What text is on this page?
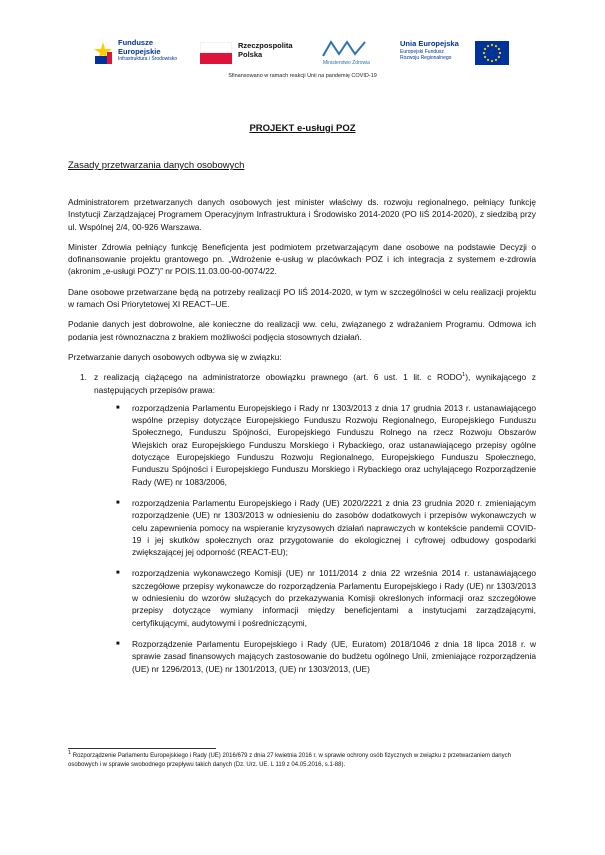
Fundusze
Europejskie
Infrastruktura i Środowisko
Rzeczpospolita
Polska
Ministerstwo Zdrowia
Unia Europejska
Europejski Fundusz
Rozwoju Regionalnego
Sfinansowano w ramach reakcji Unii na pandemię COVID-19
PROJEKT e-usługi POZ
Zasady przetwarzania danych osobowych

Administratorem przetwarzanych danych osobowych jest minister właściwy ds. rozwoju regionalnego, pełniący funkcję Instytucji Zarządzającej Programem Operacyjnym Infrastruktura i Środowisko 2014-2020 (PO IiŚ 2014-2020), z siedzibą przy ul. Wspólnej 2/4, 00-926 Warszawa.

Minister Zdrowia pełniący funkcję Beneficjenta jest podmiotem przetwarzającym dane osobowe na podstawie Decyzji o dofinansowanie projektu grantowego pn. „Wdrożenie e-usług w placówkach POZ i ich integracja z systemem e-zdrowia (akronim „e-usługi POZ”)” nr POIS.11.03.00-00-0074/22.

Dane osobowe przetwarzane będą na potrzeby realizacji PO IiŚ 2014-2020, w tym w szczególności w celu realizacji projektu w ramach Osi Priorytetowej XI REACT–UE.

Podanie danych jest dobrowolne, ale konieczne do realizacji ww. celu, związanego z wdrażaniem Programu. Odmowa ich podania jest równoznaczna z brakiem możliwości podjęcia stosownych działań.

Przetwarzanie danych osobowych odbywa się w związku:

1. z realizacją ciążącego na administratorze obowiązku prawnego (art. 6 ust. 1 lit. c RODO$^1$), wynikającego z następujących przepisów prawa:
■ rozporządzenia Parlamentu Europejskiego i Rady nr 1303/2013 z dnia 17 grudnia 2013 r. ustanawiającego wspólne przepisy dotyczące Europejskiego Funduszu Rozwoju Regionalnego, Europejskiego Funduszu Społecznego, Funduszu Spójności, Europejskiego Funduszu Rolnego na rzecz Rozwoju Obszarów Wiejskich oraz Europejskiego Funduszu Morskiego i Rybackiego, oraz ustanawiającego przepisy ogólne dotyczące Europejskiego Funduszu Rozwoju Regionalnego, Europejskiego Funduszu Społecznego, Funduszu Spójności i Europejskiego Funduszu Morskiego i Rybackiego oraz uchylającego Rozporządzenie Rady (WE) nr 1083/2006,
■ rozporządzenia Parlamentu Europejskiego i Rady (UE) 2020/2221 z dnia 23 grudnia 2020 r. zmieniającym rozporządzenie (UE) nr 1303/2013 w odniesieniu do zasobów dodatkowych i przepisów wykonawczych w celu zapewnienia pomocy na wspieranie kryzysowych działań naprawczych w kontekście pandemii COVID-19 i jej skutków społecznych oraz przygotowanie do ekologicznej i cyfrowej odbudowy gospodarki zwiększającej jej odporność (REACT-EU);
■ rozporządzenia wykonawczego Komisji (UE) nr 1011/2014 z dnia 22 września 2014 r. ustanawiającego szczegółowe przepisy wykonawcze do rozporządzenia Parlamentu Europejskiego i Rady (UE) nr 1303/2013 w odniesieniu do wzorów służących do przekazywania Komisji określonych informacji oraz szczegółowe przepisy dotyczące wymiany informacji między beneficjentami a instytucjami zarządzającymi, certyfikującymi, audytowymi i pośredniczącymi,
■ Rozporządzenie Parlamentu Europejskiego i Rady (UE, Euratom) 2018/1046 z dnia 18 lipca 2018 r. w sprawie zasad finansowych mających zastosowanie do budżetu ogólnego Unii, zmieniające rozporządzenia (UE) nr 1296/2013, (UE) nr 1301/2013, (UE) nr 1303/2013, (UE)
$^1$ Rozporządzenie Parlamentu Europejskiego i Rady (UE) 2016/679 z dnia 27 kwietnia 2016 r. w sprawie ochrony osób fizycznych w związku z przetwarzaniem danych osobowych i w sprawie swobodnego przepływu takich danych (Dz. Urz. UE. L 119 z 04.05.2016, s.1-88).
